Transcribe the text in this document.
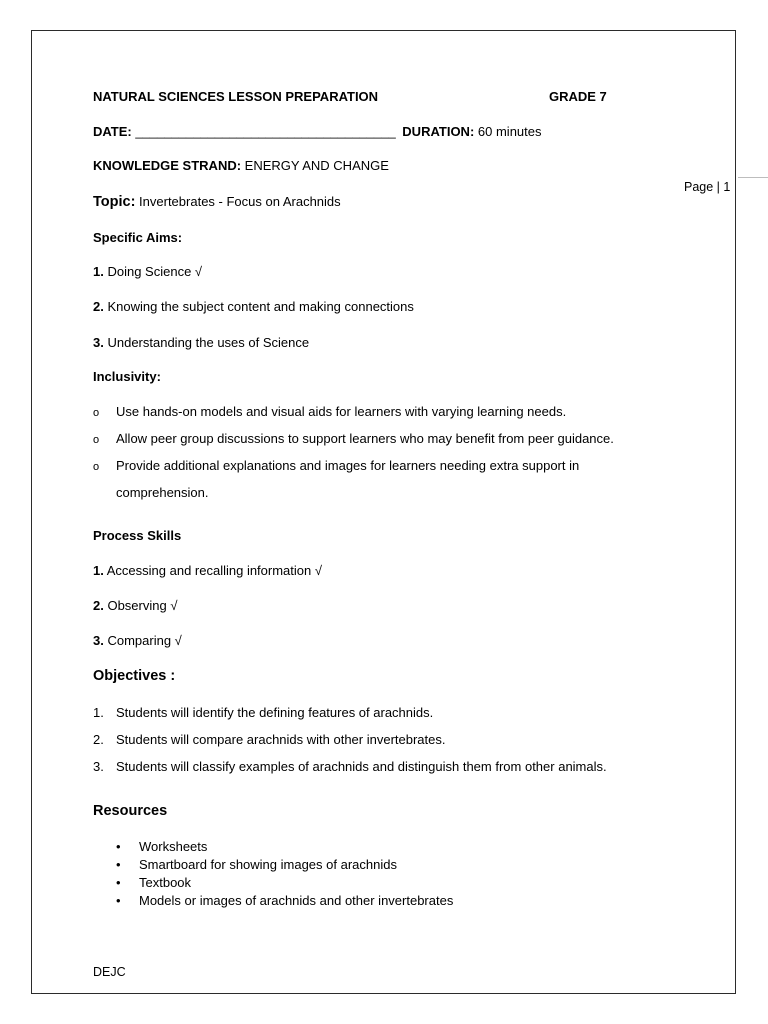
NATURAL SCIENCES LESSON PREPARATION	GRADE 7
DATE: ____________________________________ DURATION: 60 minutes
KNOWLEDGE STRAND: ENERGY AND CHANGE
Page | 1
Topic: Invertebrates - Focus on Arachnids
Specific Aims:
1. Doing Science √
2. Knowing the subject content and making connections
3. Understanding the uses of Science
Inclusivity:
o Use hands-on models and visual aids for learners with varying learning needs.
o Allow peer group discussions to support learners who may benefit from peer guidance.
o Provide additional explanations and images for learners needing extra support in
comprehension.
Process Skills
1. Accessing and recalling information √
2. Observing √
3. Comparing √
Objectives :
1. Students will identify the defining features of arachnids.
2. Students will compare arachnids with other invertebrates.
3. Students will classify examples of arachnids and distinguish them from other animals.
Resources
• Worksheets
• Smartboard for showing images of arachnids
• Textbook
• Models or images of arachnids and other invertebrates
DEJC
